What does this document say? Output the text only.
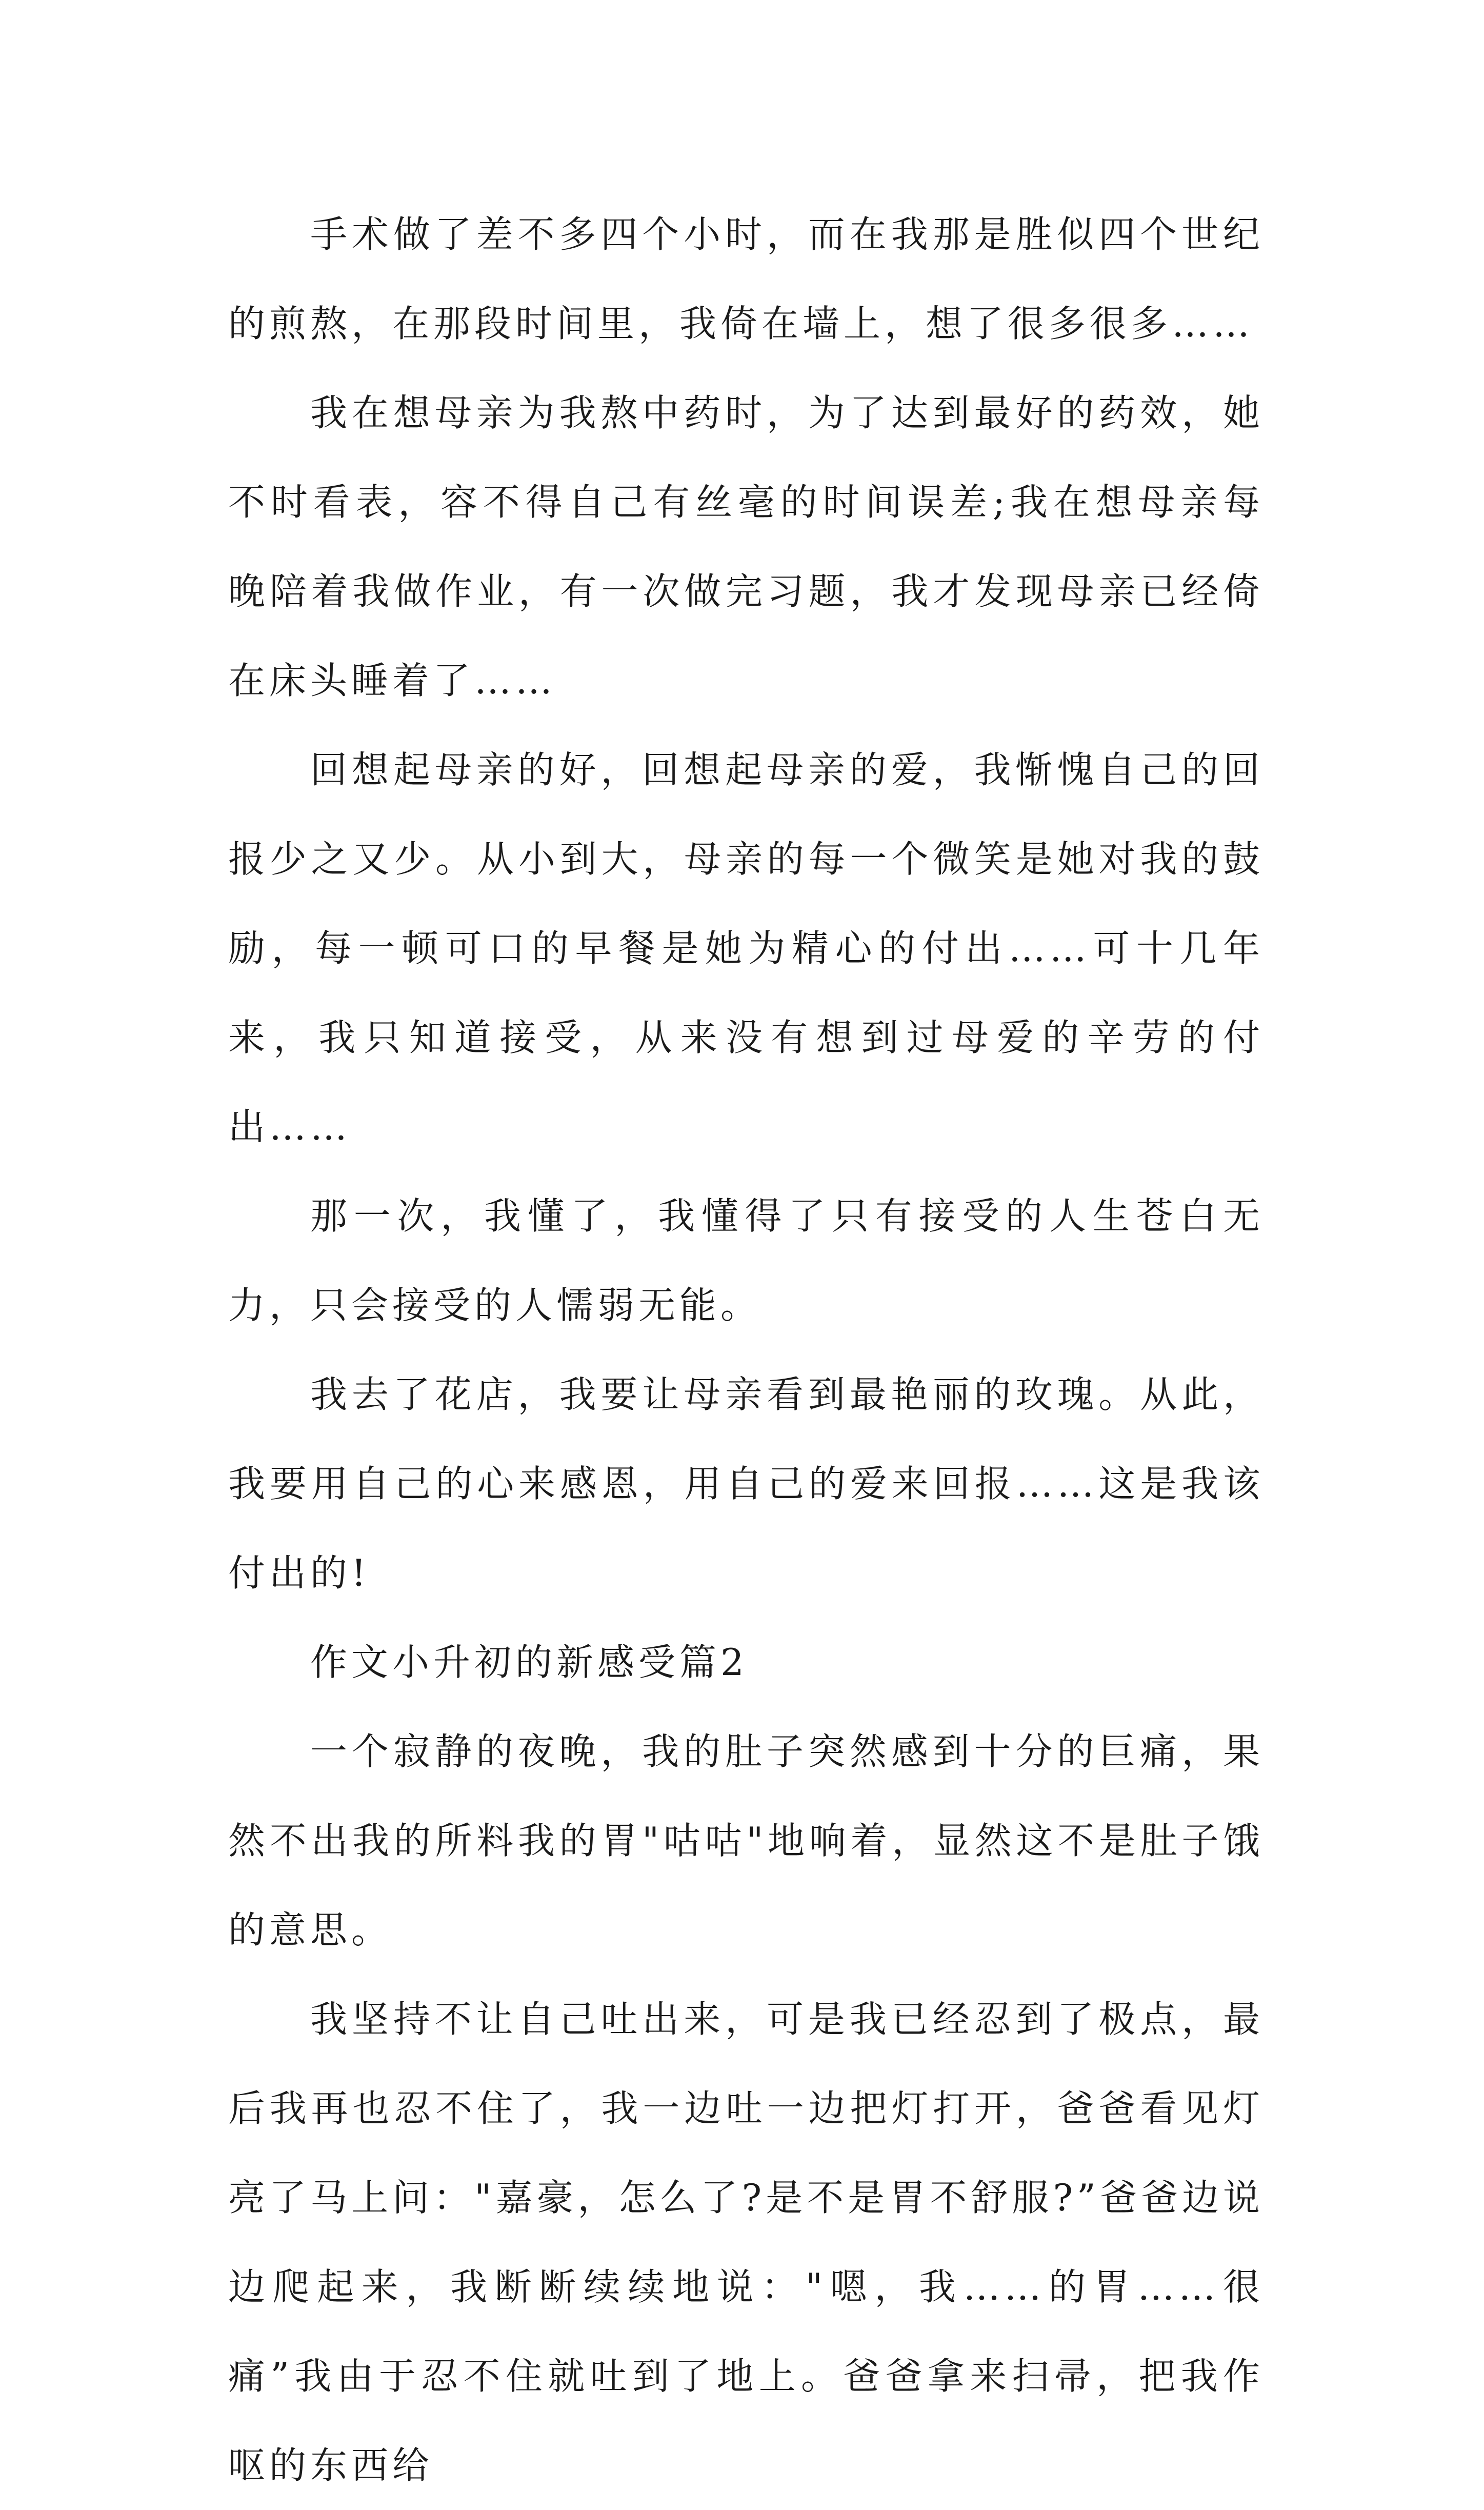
手术做了差不多四个小时，而在我那是胜似四个世纪的煎熬，在那段时间里，我倚在墙上，想了很多很多……

我在想母亲为我熬中药时，为了达到最好的药效，她不时看表，容不得自己有丝毫的时间误差;我在想母亲每晚陪着我做作业，有一次做完习题，我才发现母亲已经倚在床头睡着了……

回想起母亲的好，回想起母亲的爱，我惭愧自己的回报少之又少。从小到大，母亲的每一个微笑是她对我的鼓励，每一顿可口的早餐是她为精心的付出……可十几年来，我只知道接受，从来没有想到过母爱的辛劳的付出……

那一次，我懂了，我懂得了只有接受的人生苍白无力，只会接受的人懦弱无能。

我去了花店，我要让母亲看到最艳丽的玫瑰。从此，我要用自己的心来感恩，用自己的爱来回报……这是我该付出的!

作文小升初的新感受篇2

一个寂静的夜晚，我的肚子突然感到十分的巨痛，果然不出我的所料我的胃"咕咕"地响着，显然这不是肚子饿的意思。

我坚持不让自己吐出来，可是我已经忍到了极点，最后我再也忍不住了，我一边吐一边把灯打开，爸爸看见灯亮了马上问："嘉豪，怎么了?是不是胃不舒服?”爸爸边说边爬起来，我断断续续地说："嗯，我……的胃……很痛”我由于忍不住就吐到了地上。爸爸拿来扫帚，把我作呕的东西给
